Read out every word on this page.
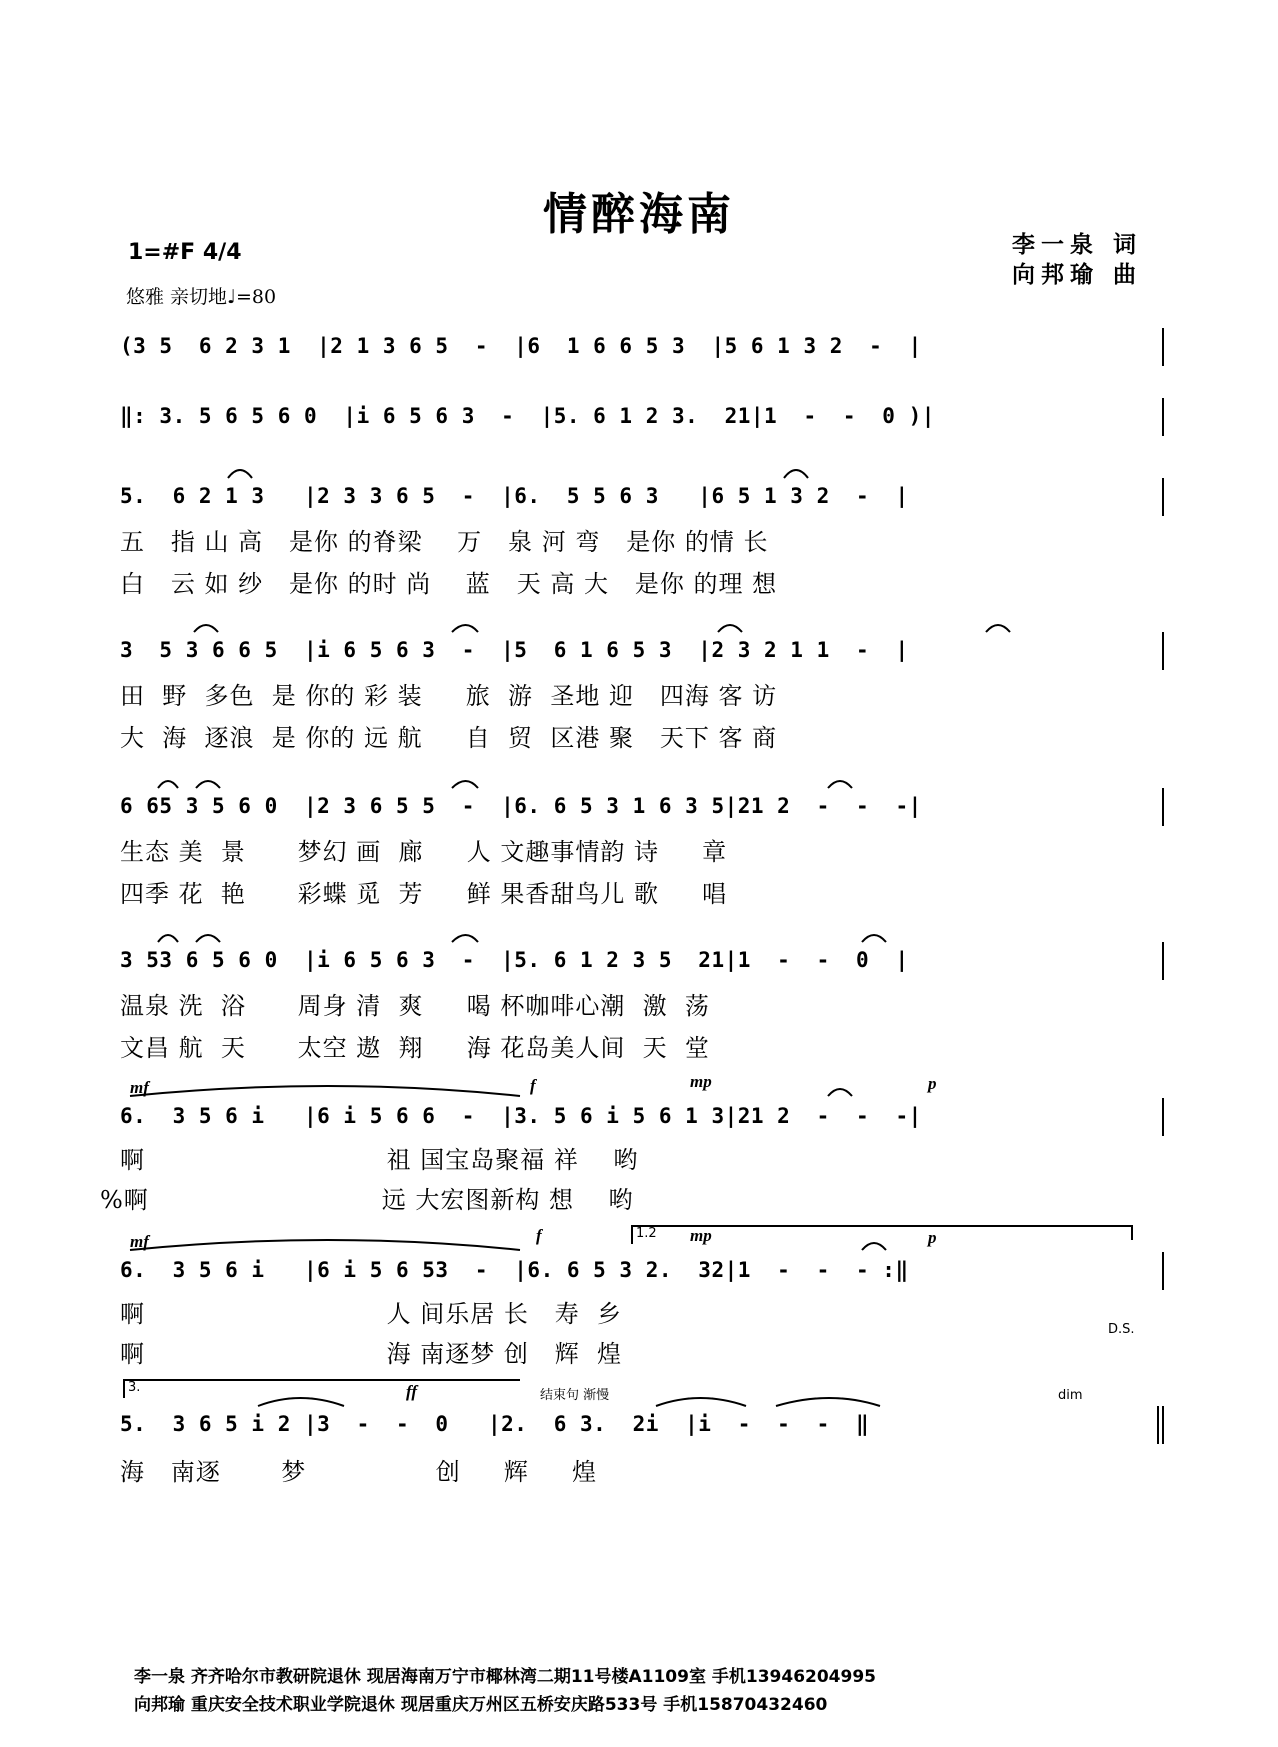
情醉海南
李一泉 词
向邦瑜 曲
1=#F 4/4
悠雅 亲切地♩=80
(3 5  6 2 3 1  |2 1 3 6 5  -  |6  1 6 6 5 3  |5 6 1 3 2  -  |
‖: 3. 5 6 5 6 0  |i 6 5 6 3  -  |5. 6 1 2 3.  21|1  -  -  0 )|
5.  6 2 1 3   |2 3 3 6 5  -  |6.  5 5 6 3   |6 5 1 3 2  -  |
五   指 山 高   是你 的脊梁    万   泉 河 弯   是你 的情 长
白   云 如 纱   是你 的时 尚    蓝   天 高 大   是你 的理 想
3  5 3 6 6 5  |i 6 5 6 3  -  |5  6 1 6 5 3  |2 3 2 1 1  -  |
田  野  多色  是 你的 彩 装     旅  游  圣地 迎   四海 客 访
大  海  逐浪  是 你的 远 航     自  贸  区港 聚   天下 客 商
6 65 3 5 6 0  |2 3 6 5 5  -  |6. 6 5 3 1 6 3 5|21 2  -  -  -|
生态 美  景      梦幻 画  廊     人 文趣事情韵 诗     章
四季 花  艳      彩蝶 觅  芳     鲜 果香甜鸟儿 歌     唱
3 53 6 5 6 0  |i 6 5 6 3  -  |5. 6 1 2 3 5  21|1  -  -  0  |
温泉 洗  浴      周身 清  爽     喝 杯咖啡心潮  激  荡
文昌 航  天      太空 遨  翔     海 花岛美人间  天  堂
mf	f	mp	p
6.  3 5 6 i   |6 i 5 6 6  -  |3. 5 6 i 5 6 1 3|21 2  -  -  -|
啊                            祖 国宝岛聚福 祥    哟
%啊                           远 大宏图新构 想    哟
1.2
mf	f	mp	p
6.  3 5 6 i   |6 i 5 6 53  -  |6. 6 5 3 2.  32|1  -  -  - :‖
啊                            人 间乐居 长   寿  乡
啊                            海 南逐梦 创   辉  煌
D.S.
3.	ff	结束句 渐慢	dim
5.  3 6 5 i 2 |3  -  -  0   |2.  6 3.  2i  |i  -  -  -  ‖
海   南逐       梦               创     辉     煌
李一泉 齐齐哈尔市教研院退休 现居海南万宁市椰林湾二期11号楼A1109室 手机13946204995
向邦瑜 重庆安全技术职业学院退休 现居重庆万州区五桥安庆路533号 手机15870432460
